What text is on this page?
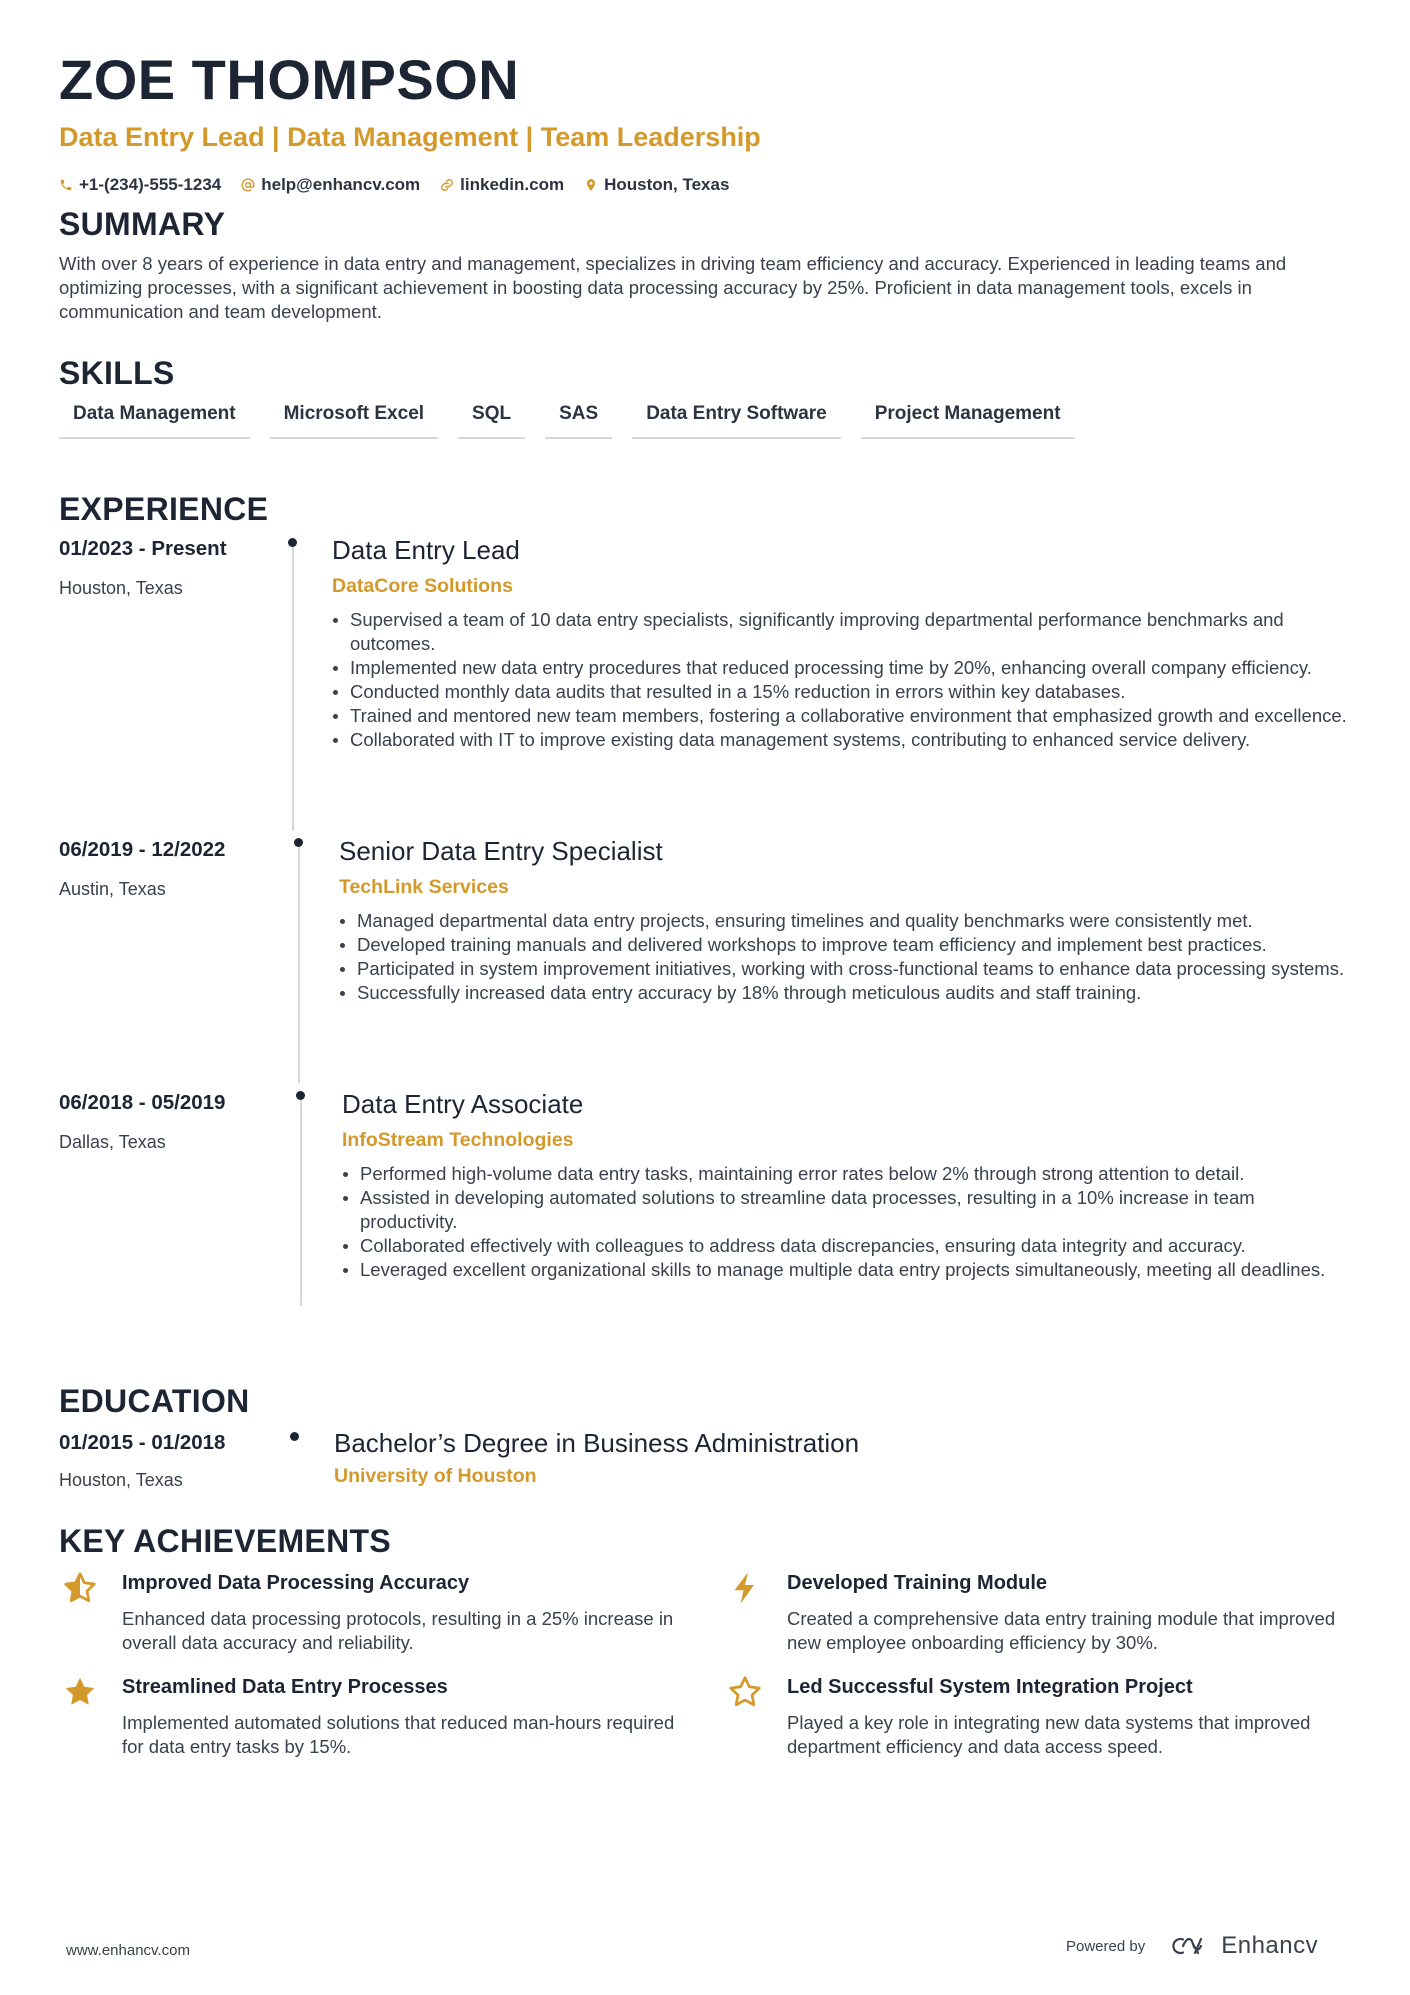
ZOE THOMPSON
Data Entry Lead | Data Management | Team Leadership
+1-(234)-555-1234 help@enhancv.com linkedin.com Houston, Texas
SUMMARY
With over 8 years of experience in data entry and management, specializes in driving team efficiency and accuracy. Experienced in leading teams and optimizing processes, with a significant achievement in boosting data processing accuracy by 25%. Proficient in data management tools, excels in communication and team development.
SKILLS
Data Management	Microsoft Excel	SQL	SAS	Data Entry Software	Project Management
EXPERIENCE
01/2023 - Present
Houston, Texas
Data Entry Lead
DataCore Solutions
Supervised a team of 10 data entry specialists, significantly improving departmental performance benchmarks and outcomes.
Implemented new data entry procedures that reduced processing time by 20%, enhancing overall company efficiency.
Conducted monthly data audits that resulted in a 15% reduction in errors within key databases.
Trained and mentored new team members, fostering a collaborative environment that emphasized growth and excellence.
Collaborated with IT to improve existing data management systems, contributing to enhanced service delivery.
06/2019 - 12/2022
Austin, Texas
Senior Data Entry Specialist
TechLink Services
Managed departmental data entry projects, ensuring timelines and quality benchmarks were consistently met.
Developed training manuals and delivered workshops to improve team efficiency and implement best practices.
Participated in system improvement initiatives, working with cross-functional teams to enhance data processing systems.
Successfully increased data entry accuracy by 18% through meticulous audits and staff training.
06/2018 - 05/2019
Dallas, Texas
Data Entry Associate
InfoStream Technologies
Performed high-volume data entry tasks, maintaining error rates below 2% through strong attention to detail.
Assisted in developing automated solutions to streamline data processes, resulting in a 10% increase in team productivity.
Collaborated effectively with colleagues to address data discrepancies, ensuring data integrity and accuracy.
Leveraged excellent organizational skills to manage multiple data entry projects simultaneously, meeting all deadlines.
EDUCATION
01/2015 - 01/2018
Houston, Texas
Bachelor’s Degree in Business Administration
University of Houston
KEY ACHIEVEMENTS
Improved Data Processing Accuracy
Enhanced data processing protocols, resulting in a 25% increase in overall data accuracy and reliability.
Developed Training Module
Created a comprehensive data entry training module that improved new employee onboarding efficiency by 30%.
Streamlined Data Entry Processes
Implemented automated solutions that reduced man-hours required for data entry tasks by 15%.
Led Successful System Integration Project
Played a key role in integrating new data systems that improved department efficiency and data access speed.
www.enhancv.com	Powered by	Enhancv
